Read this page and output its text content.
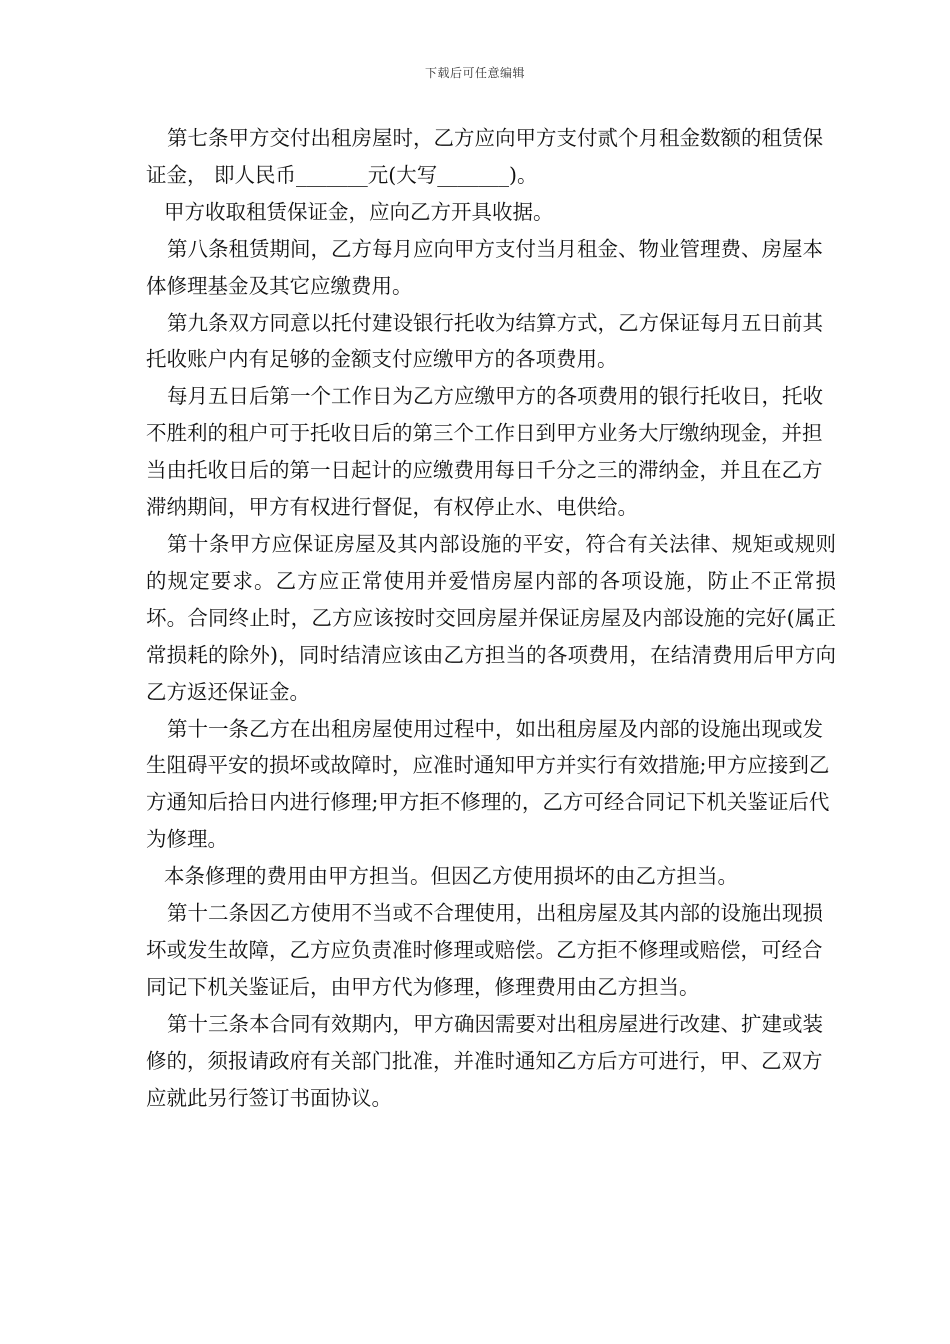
下载后可任意编辑

第七条甲方交付出租房屋时，乙方应向甲方支付贰个月租金数额的租赁保证金， 即人民币_______元(大写_______)。

甲方收取租赁保证金，应向乙方开具收据。

第八条租赁期间，乙方每月应向甲方支付当月租金、物业管理费、房屋本体修理基金及其它应缴费用。

第九条双方同意以托付建设银行托收为结算方式，乙方保证每月五日前其托收账户内有足够的金额支付应缴甲方的各项费用。

每月五日后第一个工作日为乙方应缴甲方的各项费用的银行托收日，托收不胜利的租户可于托收日后的第三个工作日到甲方业务大厅缴纳现金，并担当由托收日后的第一日起计的应缴费用每日千分之三的滞纳金，并且在乙方滞纳期间，甲方有权进行督促，有权停止水、电供给。

第十条甲方应保证房屋及其内部设施的平安，符合有关法律、规矩或规则的规定要求。乙方应正常使用并爱惜房屋内部的各项设施，防止不正常损坏。合同终止时，乙方应该按时交回房屋并保证房屋及内部设施的完好(属正常损耗的除外)，同时结清应该由乙方担当的各项费用，在结清费用后甲方向乙方返还保证金。

第十一条乙方在出租房屋使用过程中，如出租房屋及内部的设施出现或发生阻碍平安的损坏或故障时，应准时通知甲方并实行有效措施;甲方应接到乙方通知后拾日内进行修理;甲方拒不修理的，乙方可经合同记下机关鉴证后代为修理。

本条修理的费用由甲方担当。但因乙方使用损坏的由乙方担当。

第十二条因乙方使用不当或不合理使用，出租房屋及其内部的设施出现损坏或发生故障，乙方应负责准时修理或赔偿。乙方拒不修理或赔偿，可经合同记下机关鉴证后，由甲方代为修理，修理费用由乙方担当。

第十三条本合同有效期内，甲方确因需要对出租房屋进行改建、扩建或装修的，须报请政府有关部门批准，并准时通知乙方后方可进行，甲、乙双方应就此另行签订书面协议。
